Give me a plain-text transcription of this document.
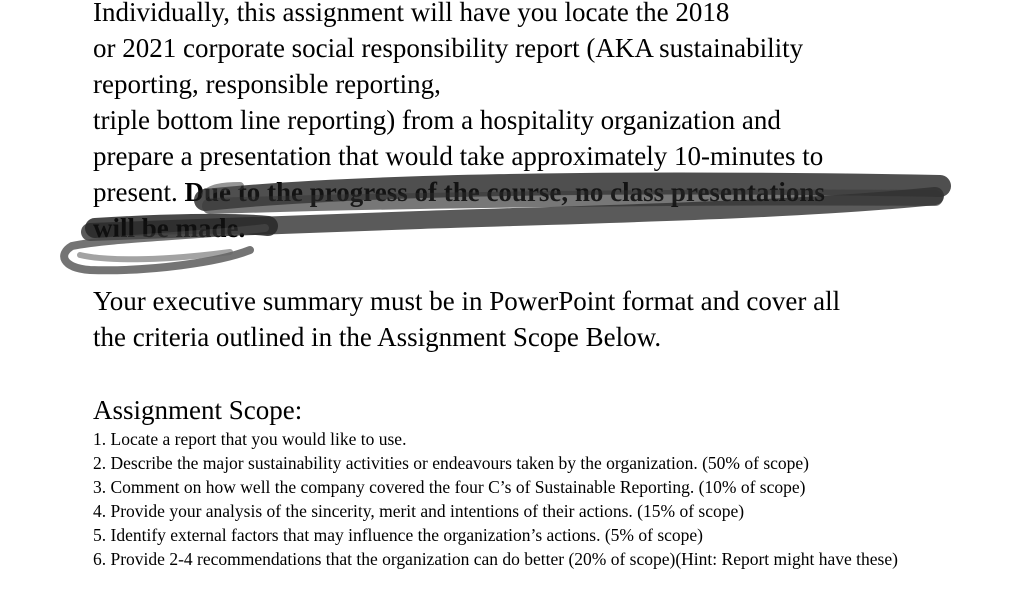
Individually, this assignment will have you locate the 2018
or 2021 corporate social responsibility report (AKA sustainability
reporting, responsible reporting,
triple bottom line reporting) from a hospitality organization and
prepare a presentation that would take approximately 10-minutes to
present. Due to the progress of the course, no class presentations
will be made.
Your executive summary must be in PowerPoint format and cover all
the criteria outlined in the Assignment Scope Below.
Assignment Scope:
1. Locate a report that you would like to use.
2. Describe the major sustainability activities or endeavours taken by the organization. (50% of scope)
3. Comment on how well the company covered the four C’s of Sustainable Reporting. (10% of scope)
4. Provide your analysis of the sincerity, merit and intentions of their actions. (15% of scope)
5. Identify external factors that may influence the organization’s actions. (5% of scope)
6. Provide 2-4 recommendations that the organization can do better (20% of scope)(Hint: Report might have these)
